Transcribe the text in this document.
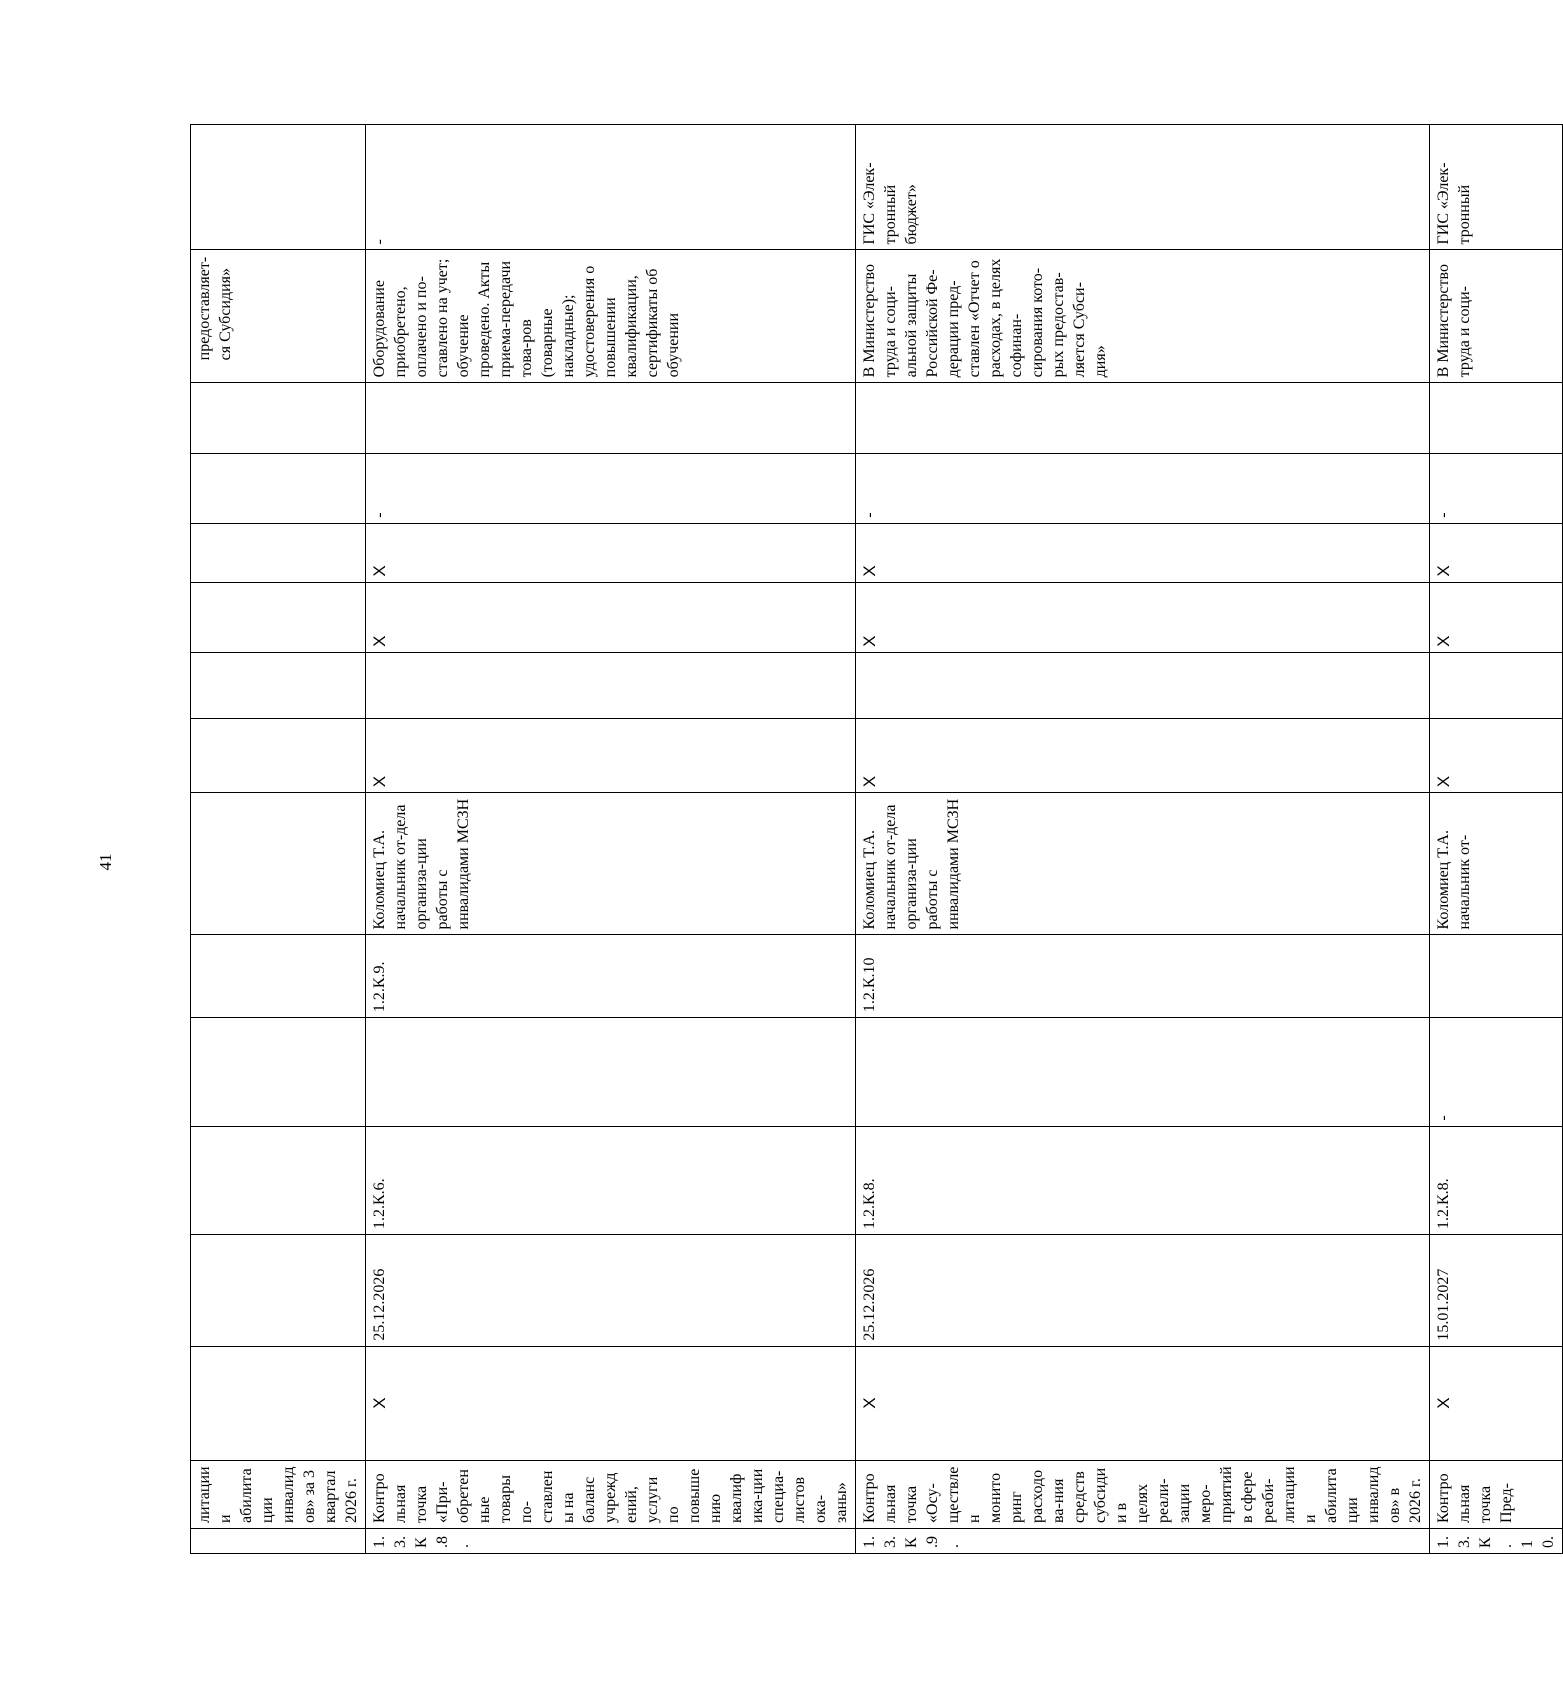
41
	литации и абилитации инвалидов» за 3 квартал 2026 г.													предоставляет-ся Субсидия»	
1.3.К.8.	Контрольная точка «При-обретенные товары по-ставлены на баланс учреждений, услуги по повышению квалифика-ции специа-листов ока-заны»	X	25.12.2026	1.2.К.6.		1.2.К.9.	Коломиец Т.А. начальник от-дела организа-ции работы с инвалидами МСЗН	X		X	X	-		Оборудование приобретено, оплачено и по-ставлено на учет; обучение проведено. Акты приема-передачи това-ров (товарные накладные); удостоверения о повышении квалификации, сертификаты об обучении	-
1.3.К.9.	Контрольная точка «Осу-ществлен мониторинг расходова-ния средств субсидии в целях реали-зации меро-приятий в сфере реаби-литации и абилитации инвалидов» в 2026 г.	X	25.12.2026	1.2.К.8.		1.2.К.10	Коломиец Т.А. начальник от-дела организа-ции работы с инвалидами МСЗН	X		X	X	-		В Министерство труда и соци-альной защиты Российской Фе-дерации пред-ставлен «Отчет о расходах, в целях софинан-сирования кото-рых предостав-ляется Субси-дия»	ГИС «Элек-тронный бюджет»
1.3.К. 10.	Контрольная точка Пред-	X	15.01.2027	1.2.К.8.	-		Коломиец Т.А. начальник от-	X		X	X	-		В Министерство труда и соци-	ГИС «Элек-тронный
